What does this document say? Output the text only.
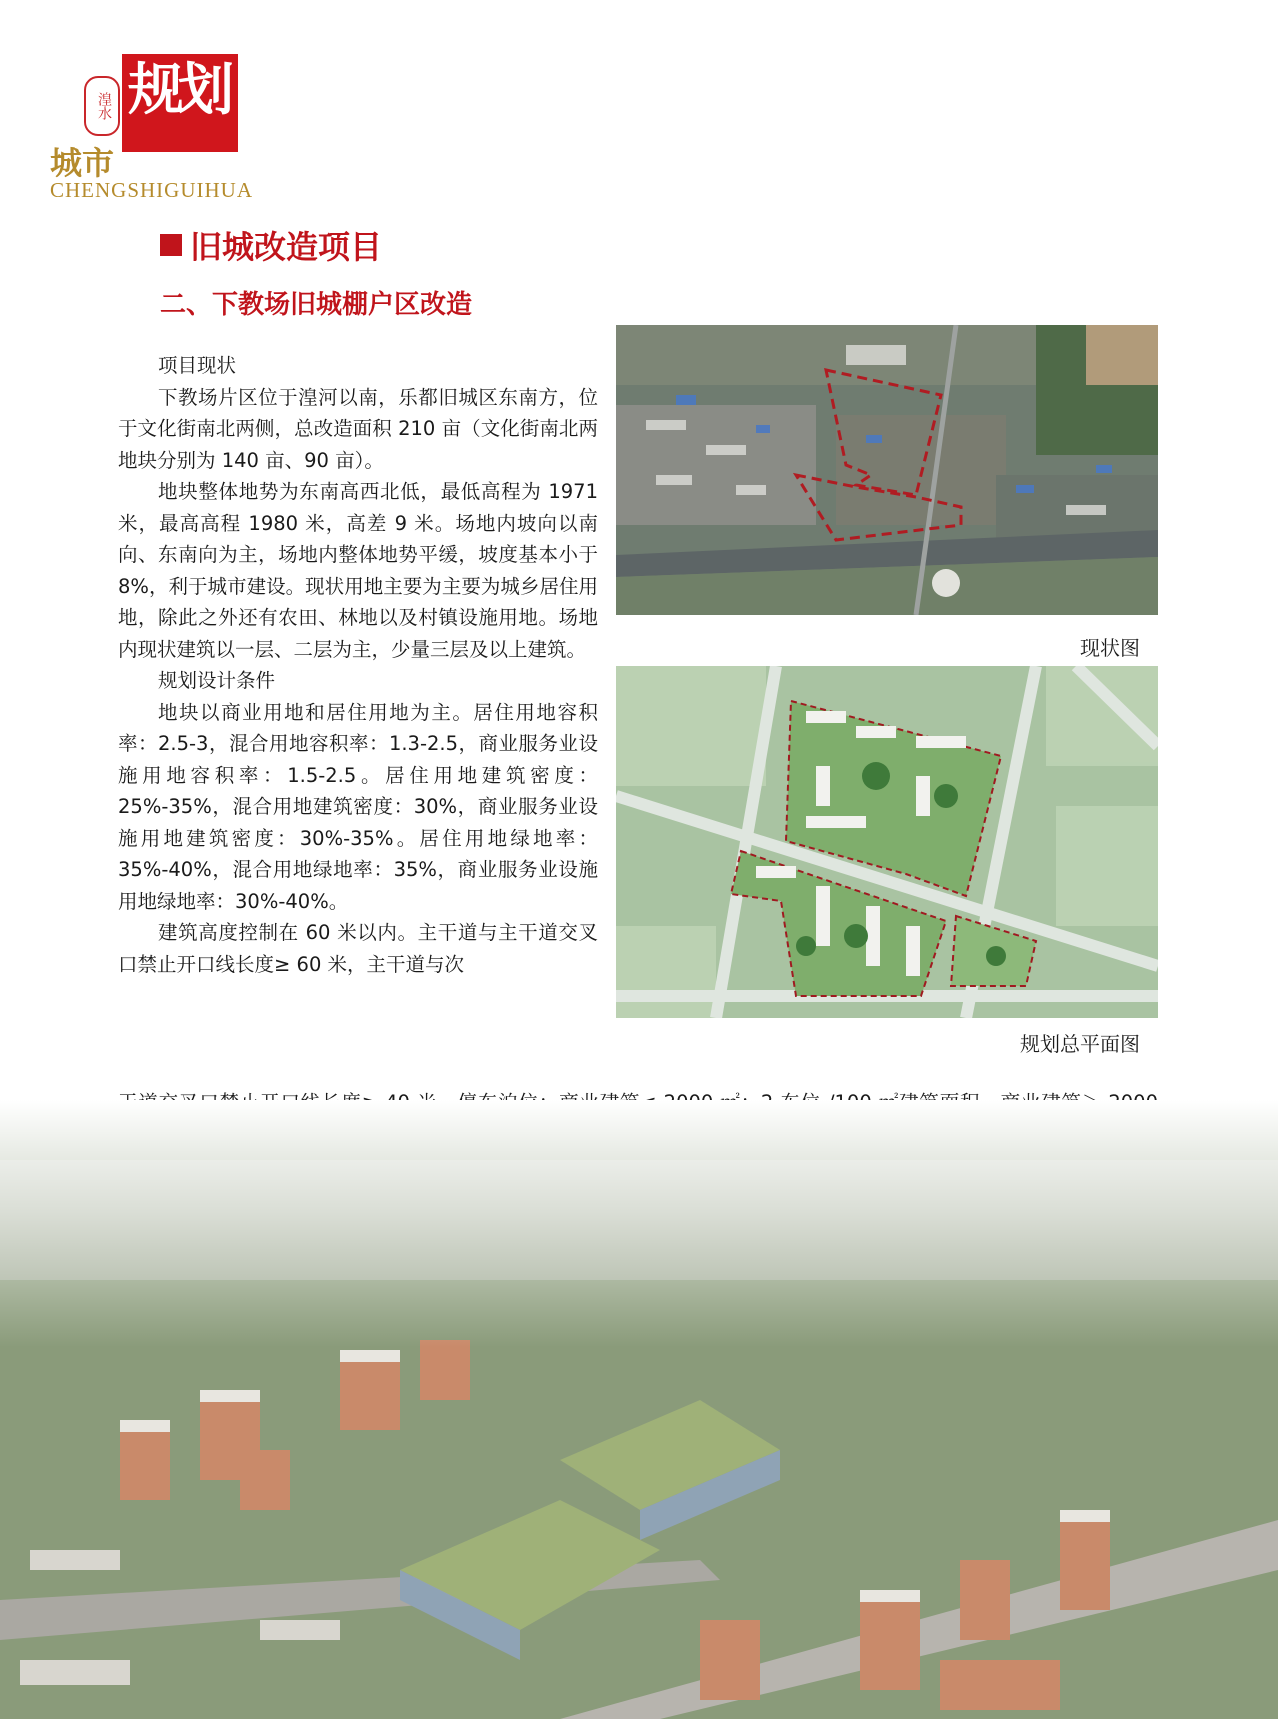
规划
湟水
城市
CHENGSHIGUIHUA
旧城改造项目
二、下教场旧城棚户区改造

项目现状

下教场片区位于湟河以南，乐都旧城区东南方，位于文化街南北两侧，总改造面积 210 亩（文化街南北两地块分别为 140 亩、90 亩）。

地块整体地势为东南高西北低，最低高程为 1971 米，最高高程 1980 米，高差 9 米。场地内坡向以南向、东南向为主，场地内整体地势平缓，坡度基本小于 8%，利于城市建设。现状用地主要为主要为城乡居住用地，除此之外还有农田、林地以及村镇设施用地。场地内现状建筑以一层、二层为主，少量三层及以上建筑。

规划设计条件

地块以商业用地和居住用地为主。居住用地容积率：2.5-3，混合用地容积率：1.3-2.5，商业服务业设施用地容积率：1.5-2.5。居住用地建筑密度：25%-35%，混合用地建筑密度：30%，商业服务业设施用地建筑密度：30%-35%。居住用地绿地率：35%-40%，混合用地绿地率：35%，商业服务业设施用地绿地率：30%-40%。

建筑高度控制在 60 米以内。主干道与主干道交叉口禁止开口线长度≥ 60 米，主干道与次

现状图
规划总平面图
